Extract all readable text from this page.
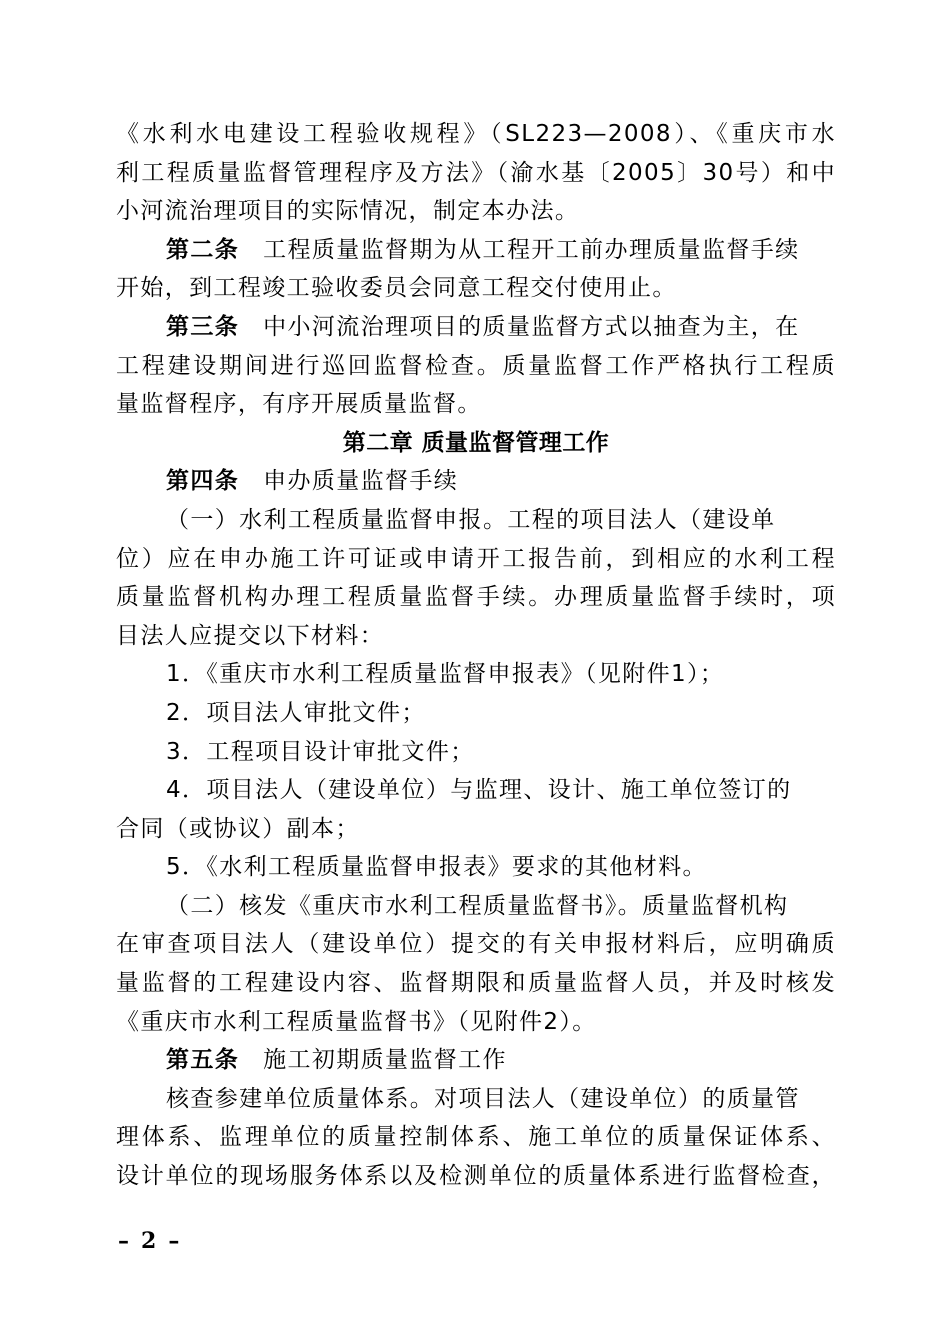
《水利水电建设工程验收规程》（SL223—2008）、《重庆市水
利工程质量监督管理程序及方法》（渝水基〔2005〕30号）和中
小河流治理项目的实际情况，制定本办法。
第二条 工程质量监督期为从工程开工前办理质量监督手续
开始，到工程竣工验收委员会同意工程交付使用止。
第三条 中小河流治理项目的质量监督方式以抽查为主，在
工程建设期间进行巡回监督检查。质量监督工作严格执行工程质
量监督程序，有序开展质量监督。
第二章 质量监督管理工作
第四条 申办质量监督手续
（一）水利工程质量监督申报。工程的项目法人（建设单
位）应在申办施工许可证或申请开工报告前，到相应的水利工程
质量监督机构办理工程质量监督手续。办理质量监督手续时，项
目法人应提交以下材料：
1．《重庆市水利工程质量监督申报表》（见附件1）；
2．项目法人审批文件；
3．工程项目设计审批文件；
4．项目法人（建设单位）与监理、设计、施工单位签订的
合同（或协议）副本；
5．《水利工程质量监督申报表》要求的其他材料。
（二）核发《重庆市水利工程质量监督书》。质量监督机构
在审查项目法人（建设单位）提交的有关申报材料后，应明确质
量监督的工程建设内容、监督期限和质量监督人员，并及时核发
《重庆市水利工程质量监督书》（见附件2）。
第五条 施工初期质量监督工作
核查参建单位质量体系。对项目法人（建设单位）的质量管
理体系、监理单位的质量控制体系、施工单位的质量保证体系、
设计单位的现场服务体系以及检测单位的质量体系进行监督检查，
– 2 –
